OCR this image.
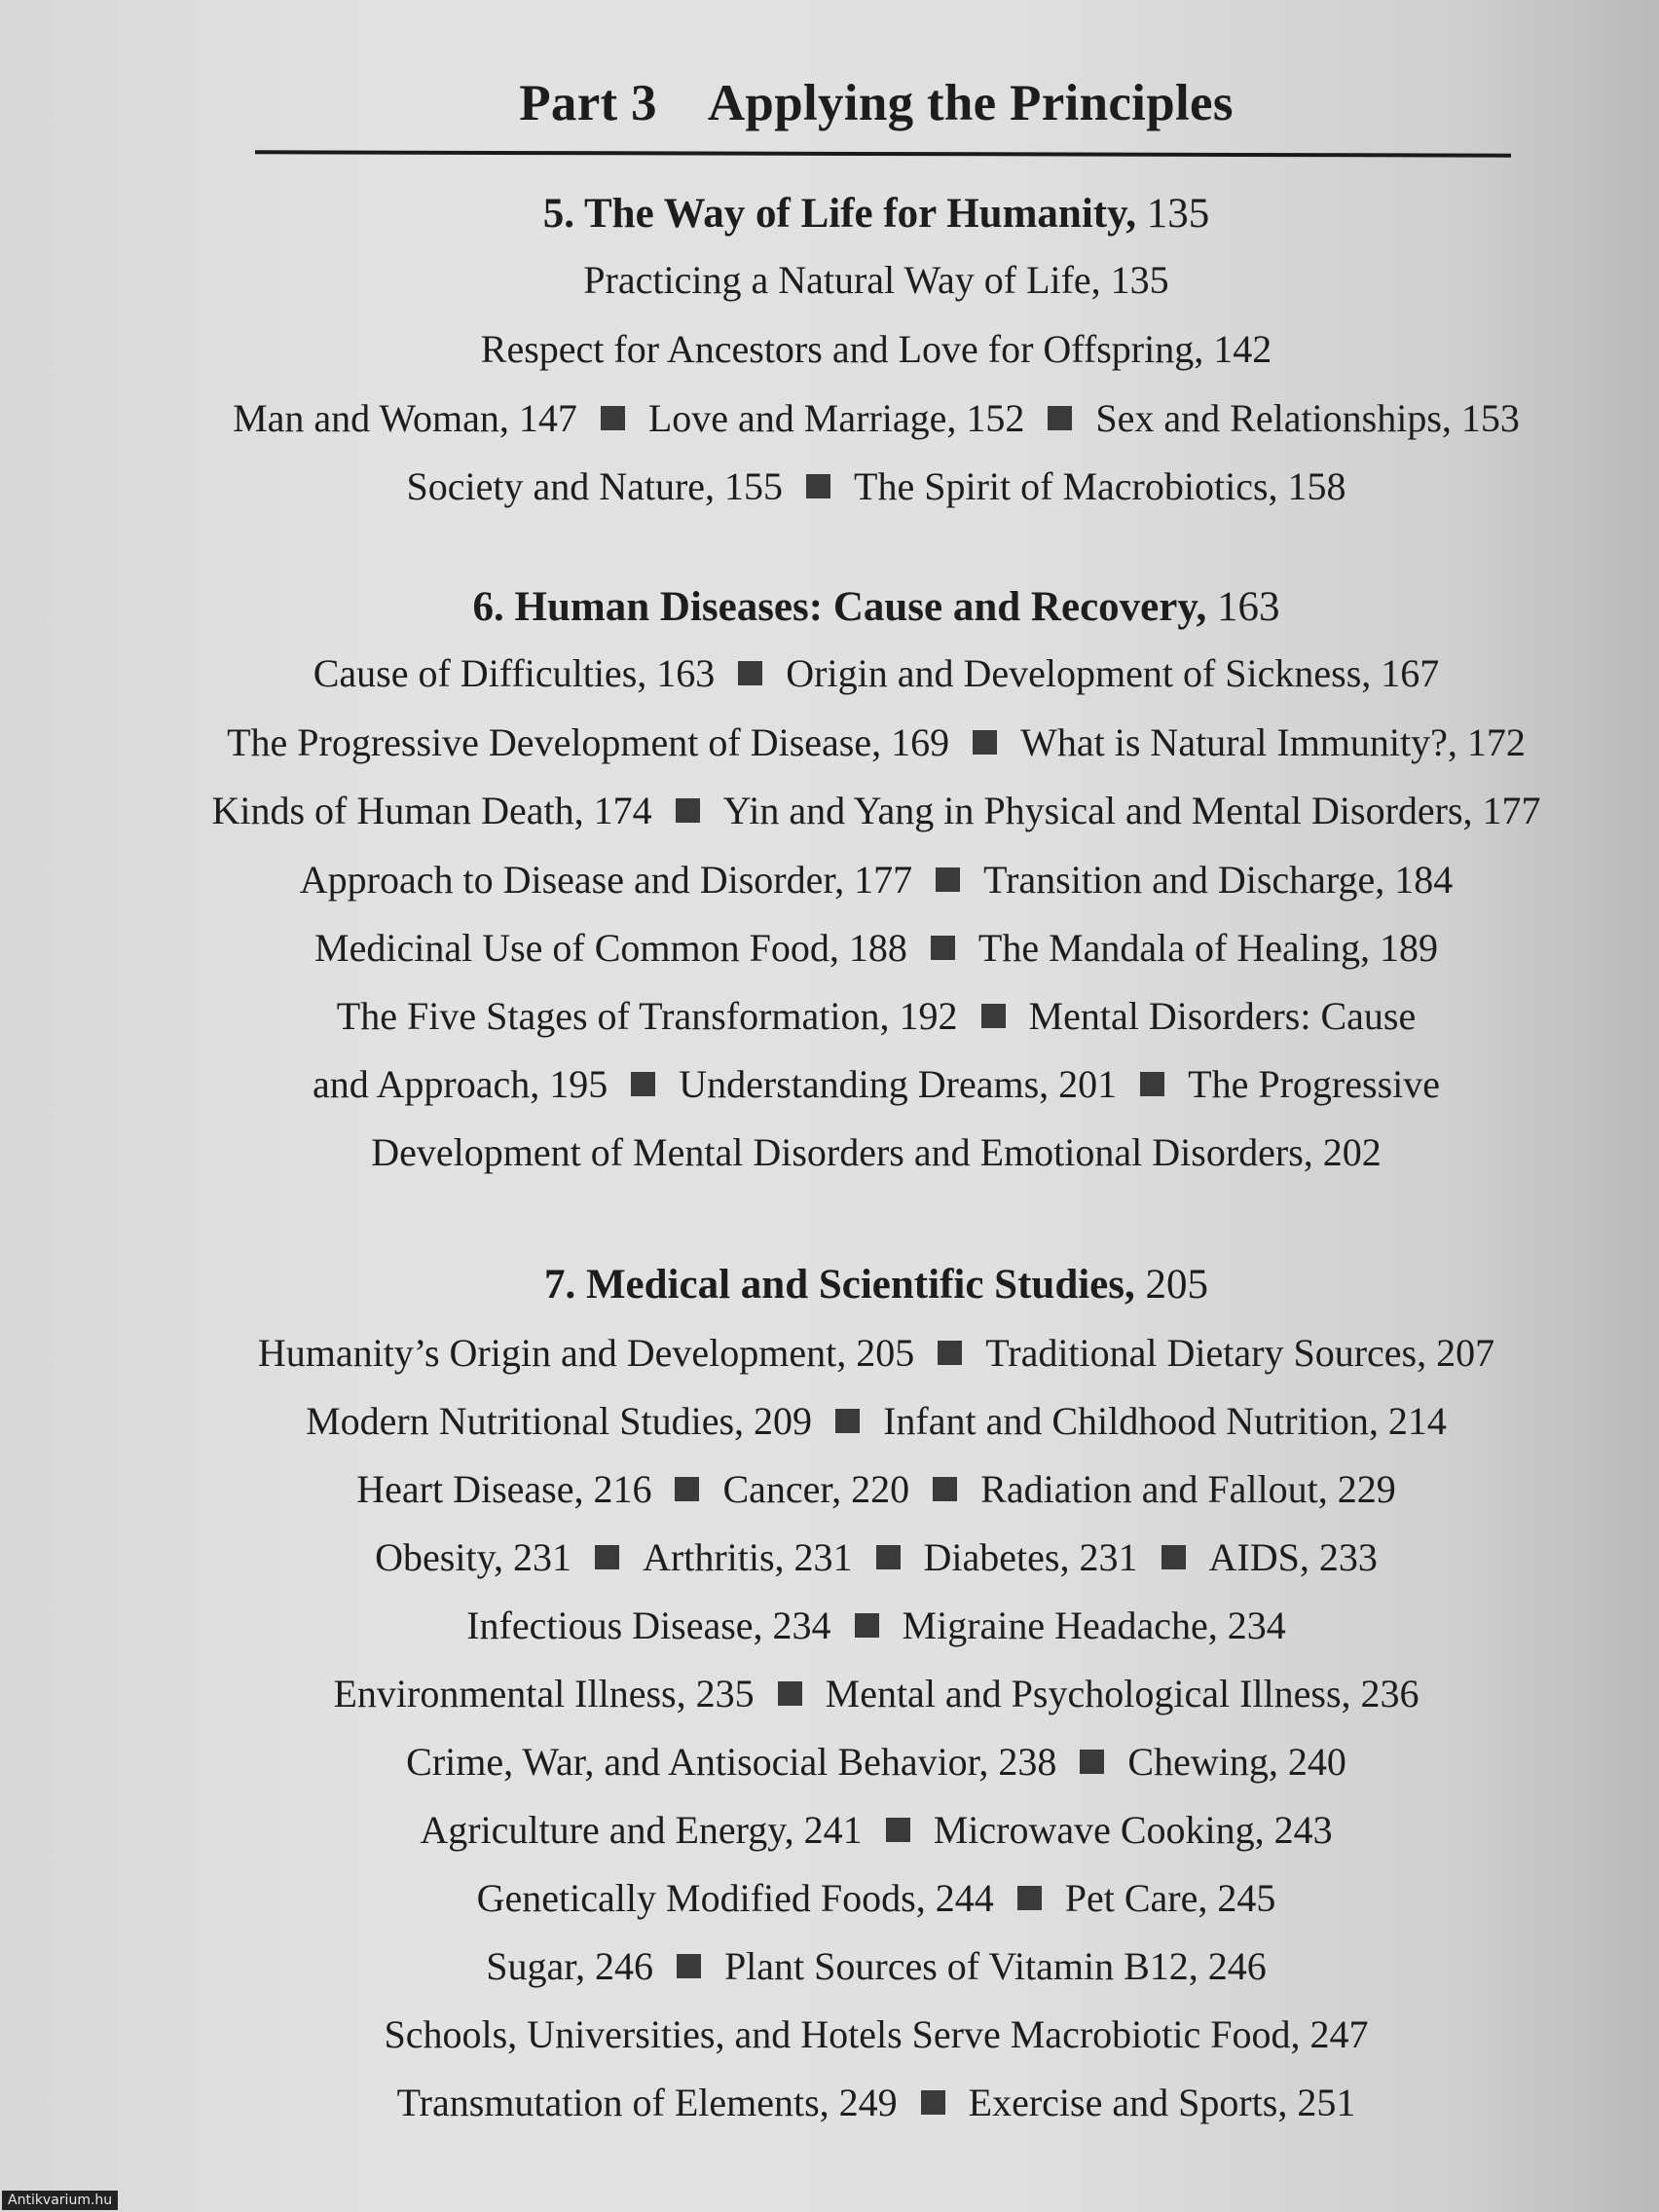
Part 3 Applying the Principles
5. The Way of Life for Humanity, 135
Practicing a Natural Way of Life, 135
Respect for Ancestors and Love for Offspring, 142
Man and Woman, 147 Love and Marriage, 152 Sex and Relationships, 153
Society and Nature, 155 The Spirit of Macrobiotics, 158
6. Human Diseases: Cause and Recovery, 163
Cause of Difficulties, 163 Origin and Development of Sickness, 167
The Progressive Development of Disease, 169 What is Natural Immunity?, 172
Kinds of Human Death, 174 Yin and Yang in Physical and Mental Disorders, 177
Approach to Disease and Disorder, 177 Transition and Discharge, 184
Medicinal Use of Common Food, 188 The Mandala of Healing, 189
The Five Stages of Transformation, 192 Mental Disorders: Cause
and Approach, 195 Understanding Dreams, 201 The Progressive
Development of Mental Disorders and Emotional Disorders, 202
7. Medical and Scientific Studies, 205
Humanity’s Origin and Development, 205 Traditional Dietary Sources, 207
Modern Nutritional Studies, 209 Infant and Childhood Nutrition, 214
Heart Disease, 216 Cancer, 220 Radiation and Fallout, 229
Obesity, 231 Arthritis, 231 Diabetes, 231 AIDS, 233
Infectious Disease, 234 Migraine Headache, 234
Environmental Illness, 235 Mental and Psychological Illness, 236
Crime, War, and Antisocial Behavior, 238 Chewing, 240
Agriculture and Energy, 241 Microwave Cooking, 243
Genetically Modified Foods, 244 Pet Care, 245
Sugar, 246 Plant Sources of Vitamin B12, 246
Schools, Universities, and Hotels Serve Macrobiotic Food, 247
Transmutation of Elements, 249 Exercise and Sports, 251
Antikvarium.hu
